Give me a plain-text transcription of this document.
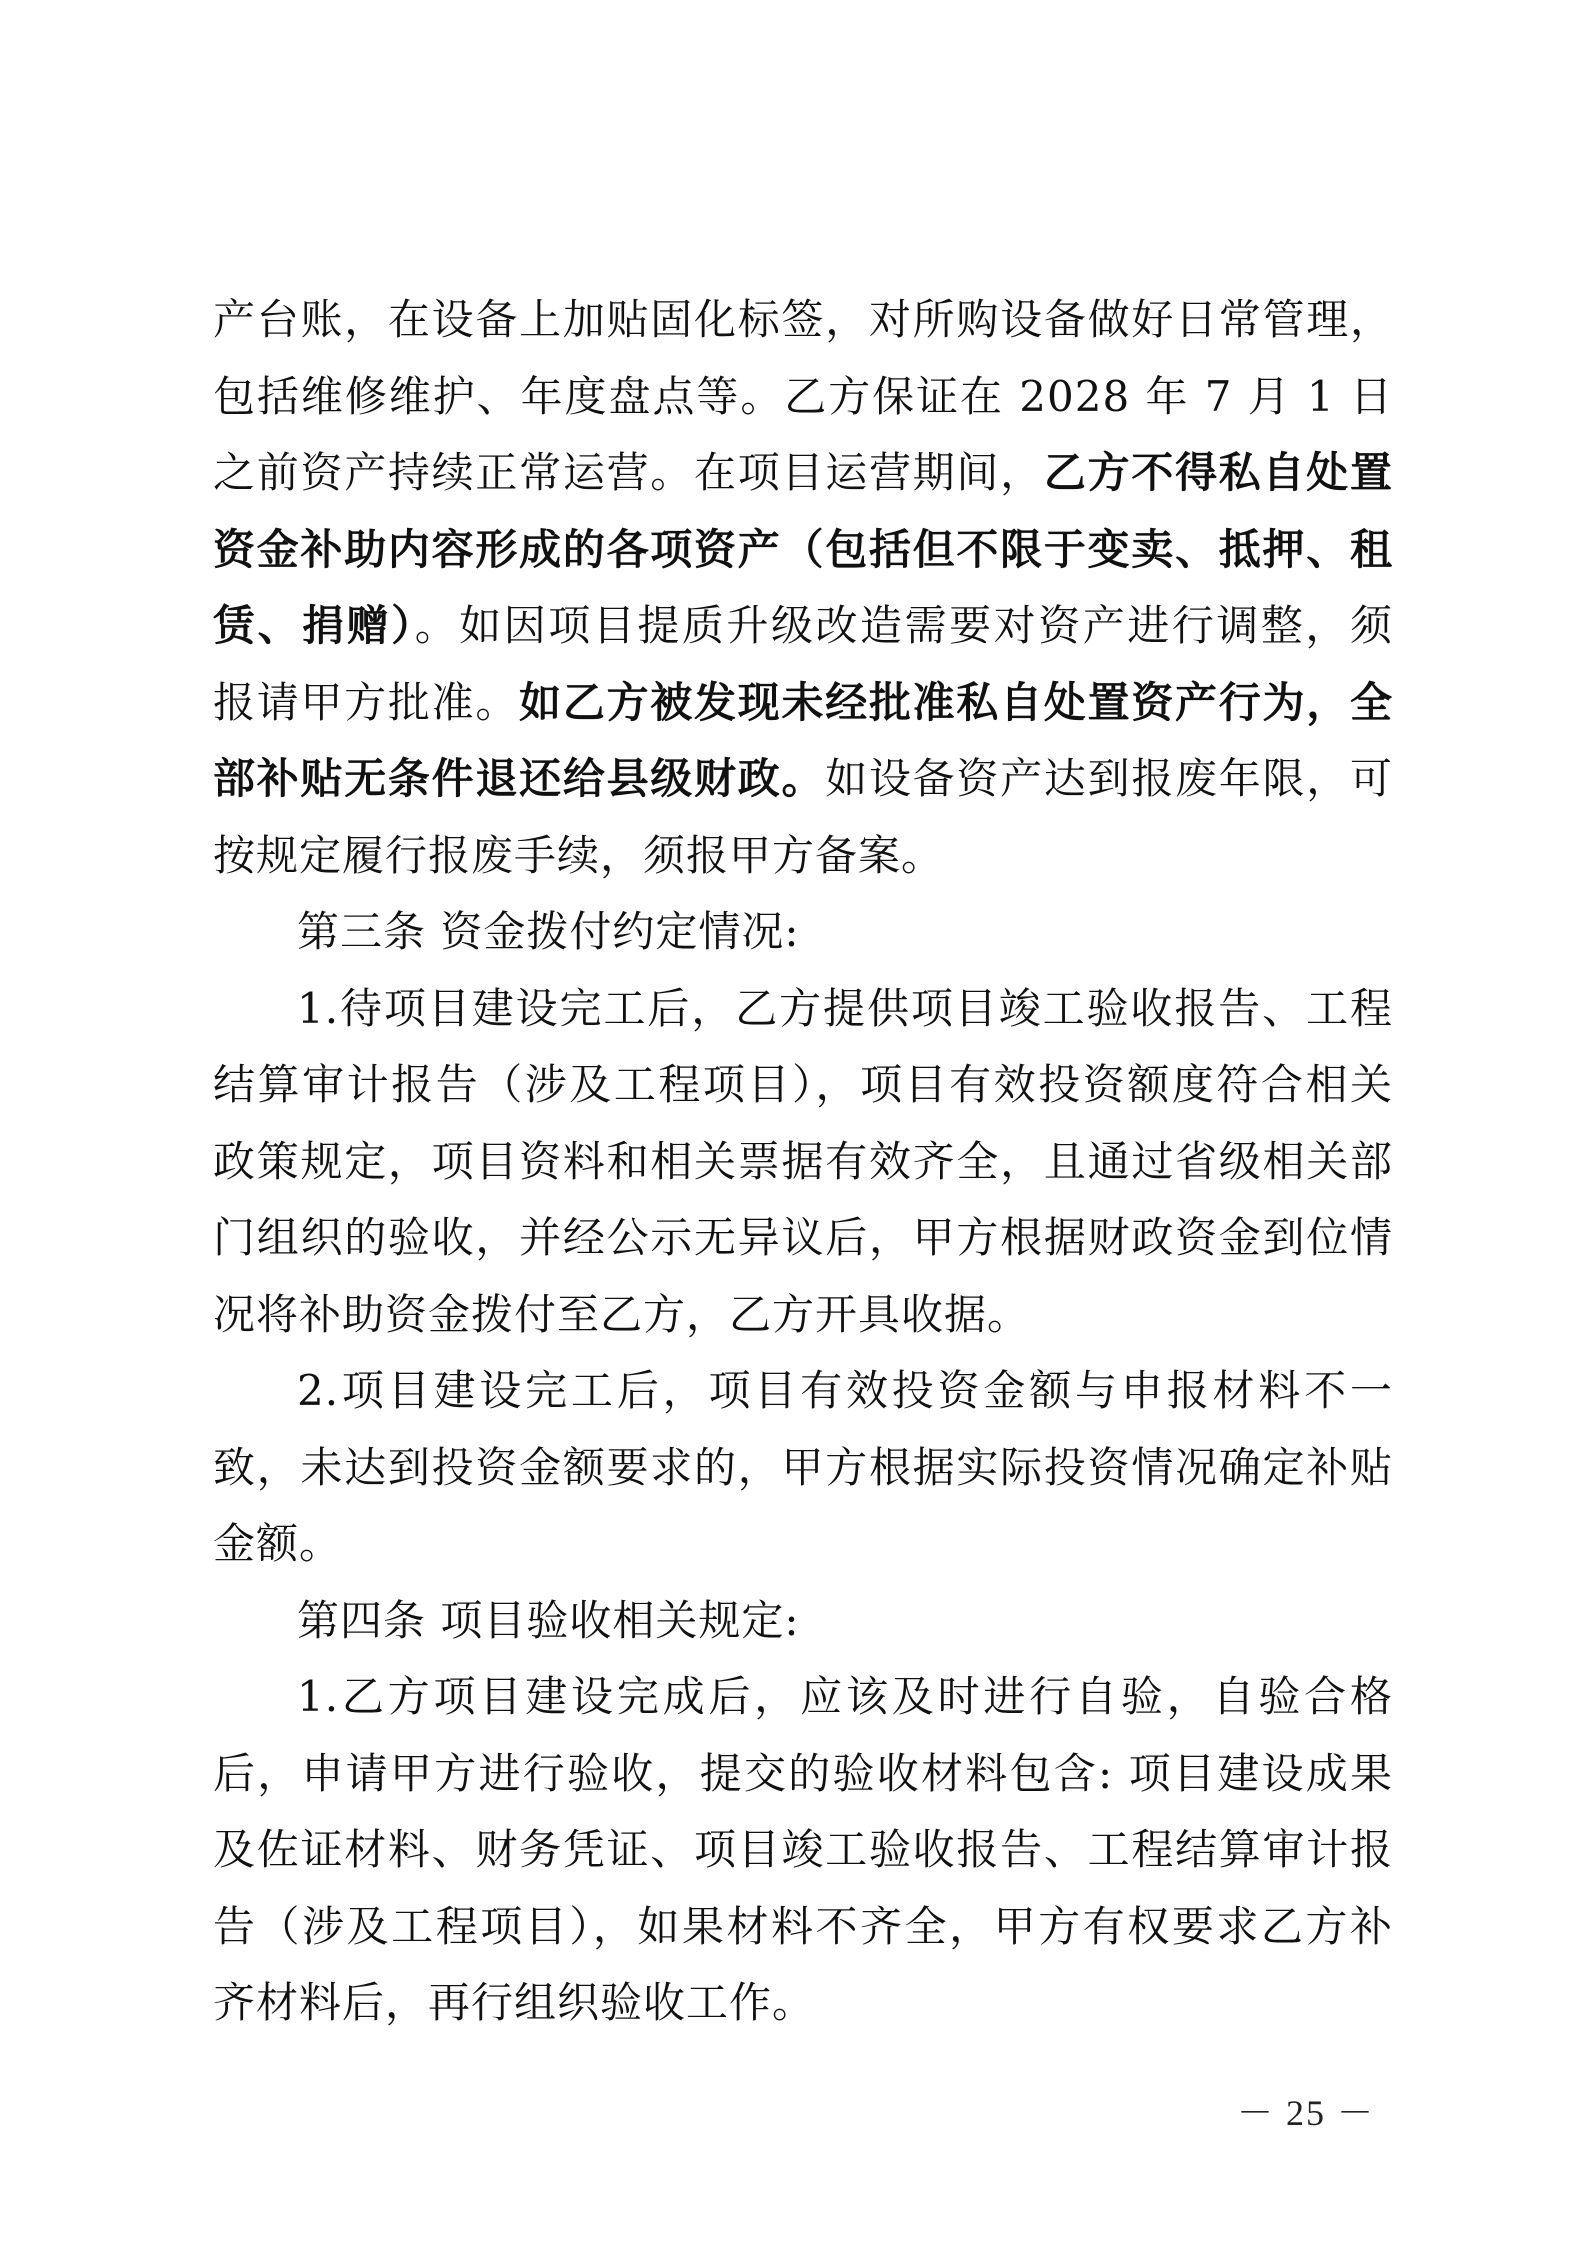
产台账，在设备上加贴固化标签，对所购设备做好日常管理，包括维修维护、年度盘点等。乙方保证在 2028 年 7 月 1 日之前资产持续正常运营。在项目运营期间，乙方不得私自处置资金补助内容形成的各项资产（包括但不限于变卖、抵押、租赁、捐赠）。如因项目提质升级改造需要对资产进行调整，须报请甲方批准。如乙方被发现未经批准私自处置资产行为，全部补贴无条件退还给县级财政。如设备资产达到报废年限，可按规定履行报废手续，须报甲方备案。

第三条 资金拨付约定情况:

1.待项目建设完工后，乙方提供项目竣工验收报告、工程结算审计报告（涉及工程项目），项目有效投资额度符合相关政策规定，项目资料和相关票据有效齐全，且通过省级相关部门组织的验收，并经公示无异议后，甲方根据财政资金到位情况将补助资金拨付至乙方，乙方开具收据。

2.项目建设完工后，项目有效投资金额与申报材料不一致，未达到投资金额要求的，甲方根据实际投资情况确定补贴金额。

第四条 项目验收相关规定:

1.乙方项目建设完成后，应该及时进行自验，自验合格后，申请甲方进行验收，提交的验收材料包含: 项目建设成果及佐证材料、财务凭证、项目竣工验收报告、工程结算审计报告（涉及工程项目），如果材料不齐全，甲方有权要求乙方补齐材料后，再行组织验收工作。

－ 25 －
